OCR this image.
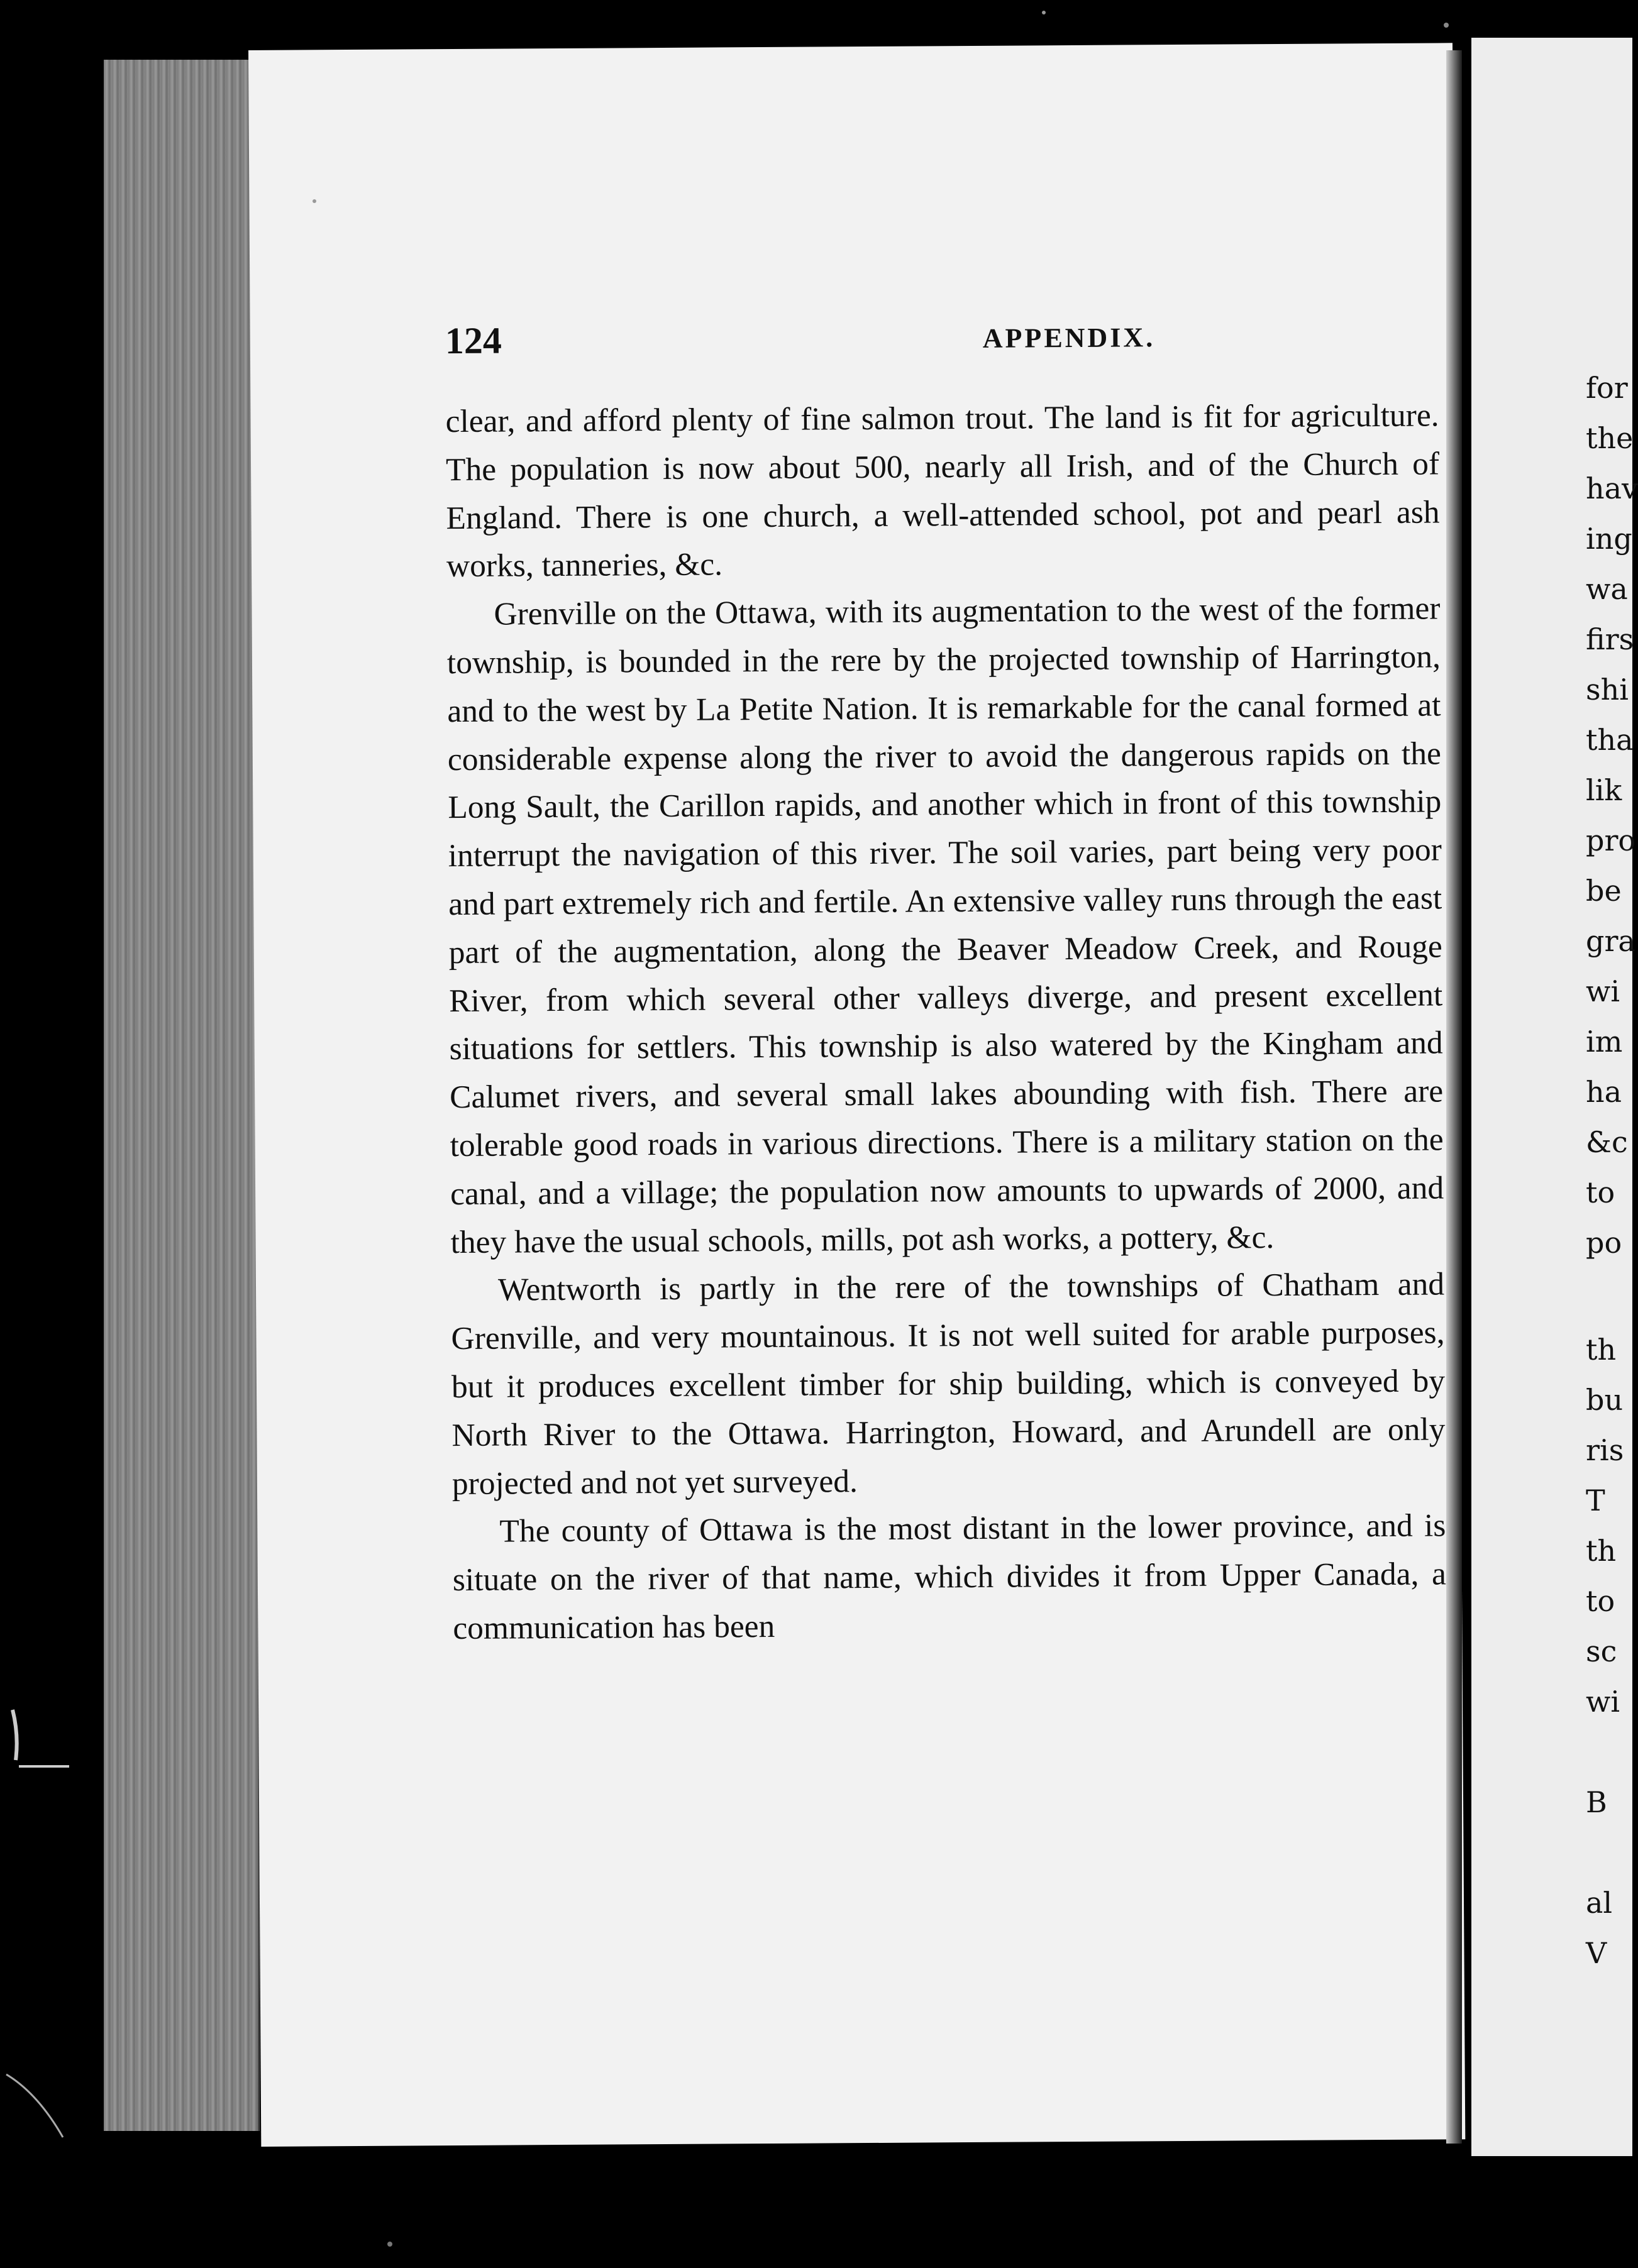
124	APPENDIX.

clear, and afford plenty of fine salmon trout. The land is fit for agriculture. The population is now about 500, nearly all Irish, and of the Church of England. There is one church, a well-attended school, pot and pearl ash works, tanneries, &c.

Grenville on the Ottawa, with its augmentation to the west of the former township, is bounded in the rere by the projected township of Harrington, and to the west by La Petite Nation. It is remarkable for the canal formed at considerable expense along the river to avoid the dangerous rapids on the Long Sault, the Carillon rapids, and another which in front of this township interrupt the navigation of this river. The soil varies, part being very poor and part extremely rich and fertile. An extensive valley runs through the east part of the augmentation, along the Beaver Meadow Creek, and Rouge River, from which several other valleys diverge, and present excellent situations for settlers. This township is also watered by the Kingham and Calumet rivers, and several small lakes abounding with fish. There are tolerable good roads in various directions. There is a military station on the canal, and a village; the population now amounts to upwards of 2000, and they have the usual schools, mills, pot ash works, a pottery, &c.

Wentworth is partly in the rere of the townships of Chatham and Grenville, and very mountainous. It is not well suited for arable purposes, but it produces excellent timber for ship building, which is conveyed by North River to the Ottawa. Harrington, Howard, and Arundell are only projected and not yet surveyed.

The county of Ottawa is the most distant in the lower province, and is situate on the river of that name, which divides it from Upper Canada, a communication has been

for
the
hav
ing
wa
firs
shi
tha
lik
pro
be
gra
wi
im
ha
&c
to
po
th
bu
ris
T
th
to
sc
wi
B
al
V
